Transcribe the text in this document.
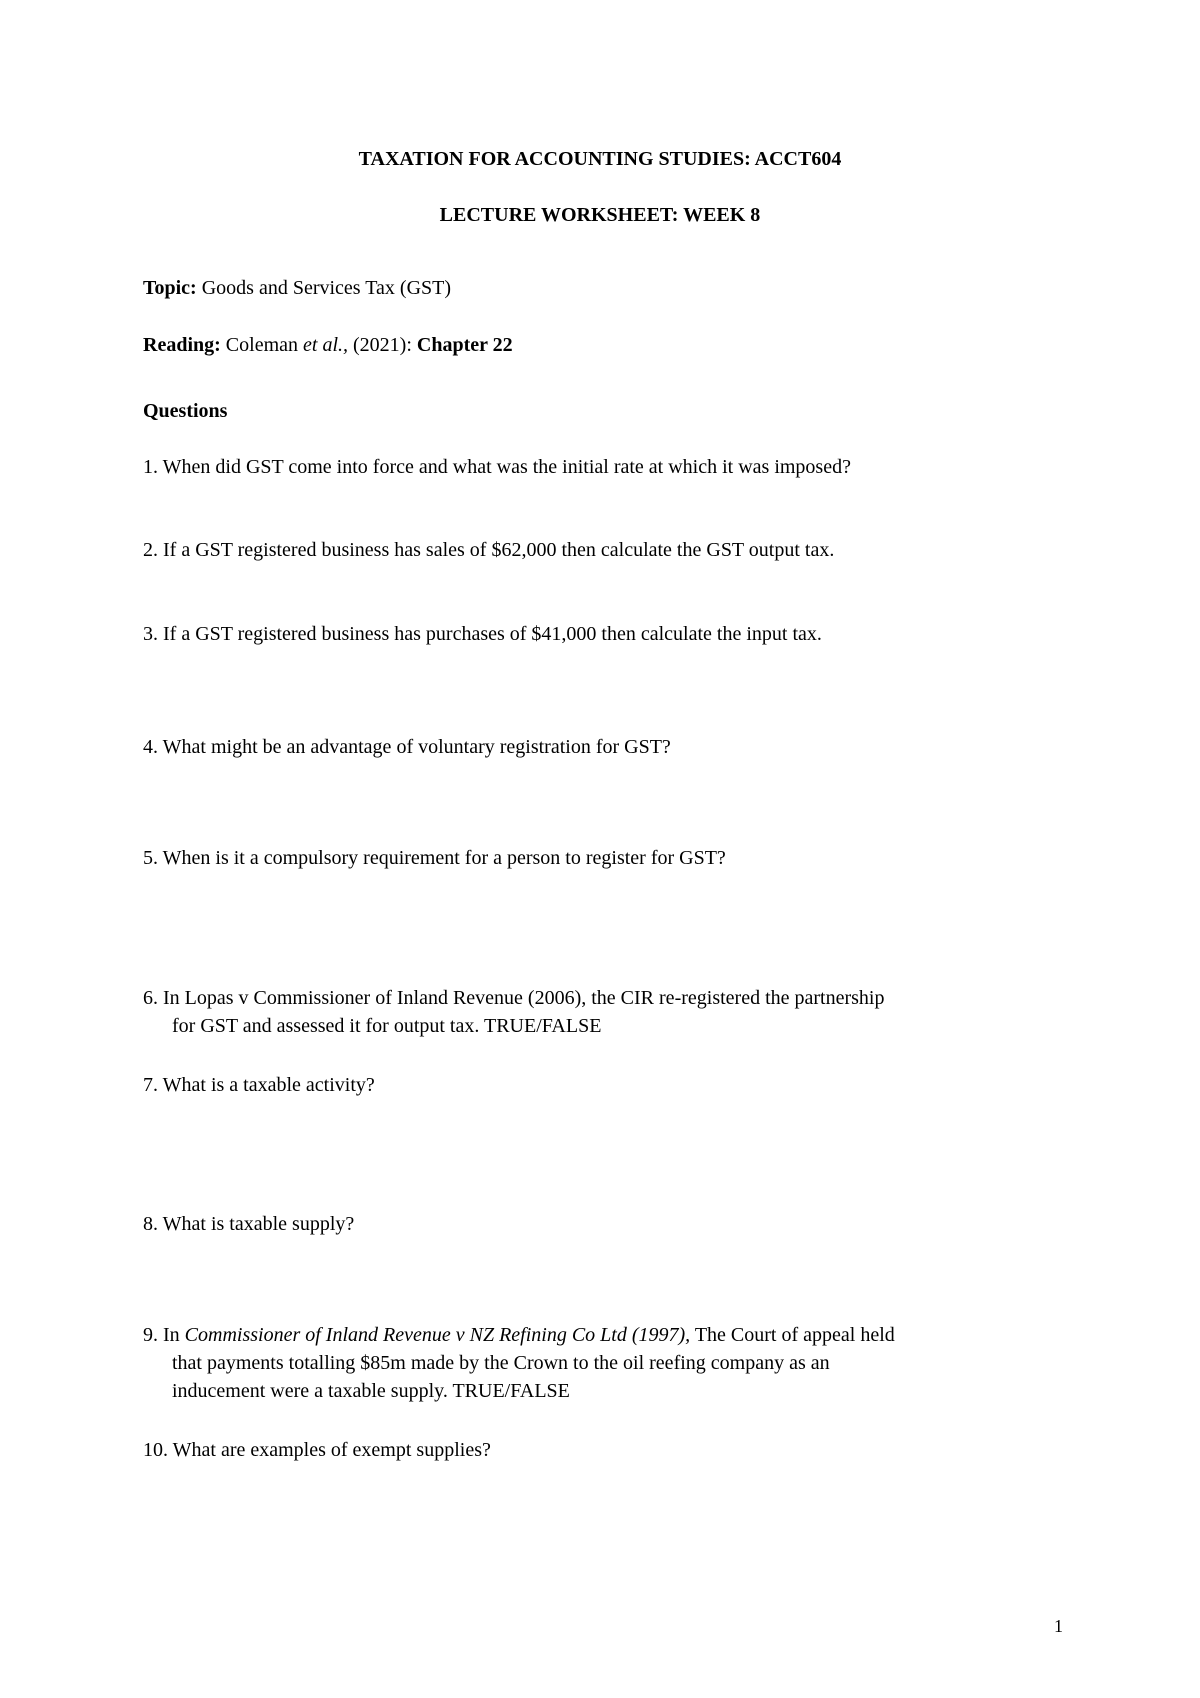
TAXATION FOR ACCOUNTING STUDIES: ACCT604
LECTURE WORKSHEET: WEEK 8
Topic: Goods and Services Tax (GST)
Reading: Coleman et al., (2021): Chapter 22
Questions
1. When did GST come into force and what was the initial rate at which it was imposed?
2. If a GST registered business has sales of $62,000 then calculate the GST output tax.
3. If a GST registered business has purchases of $41,000 then calculate the input tax.
4. What might be an advantage of voluntary registration for GST?
5. When is it a compulsory requirement for a person to register for GST?
6. In Lopas v Commissioner of Inland Revenue (2006), the CIR re-registered the partnership
for GST and assessed it for output tax. TRUE/FALSE
7. What is a taxable activity?
8. What is taxable supply?
9. In Commissioner of Inland Revenue v NZ Refining Co Ltd (1997), The Court of appeal held
that payments totalling $85m made by the Crown to the oil reefing company as an
inducement were a taxable supply. TRUE/FALSE
10. What are examples of exempt supplies?
1
